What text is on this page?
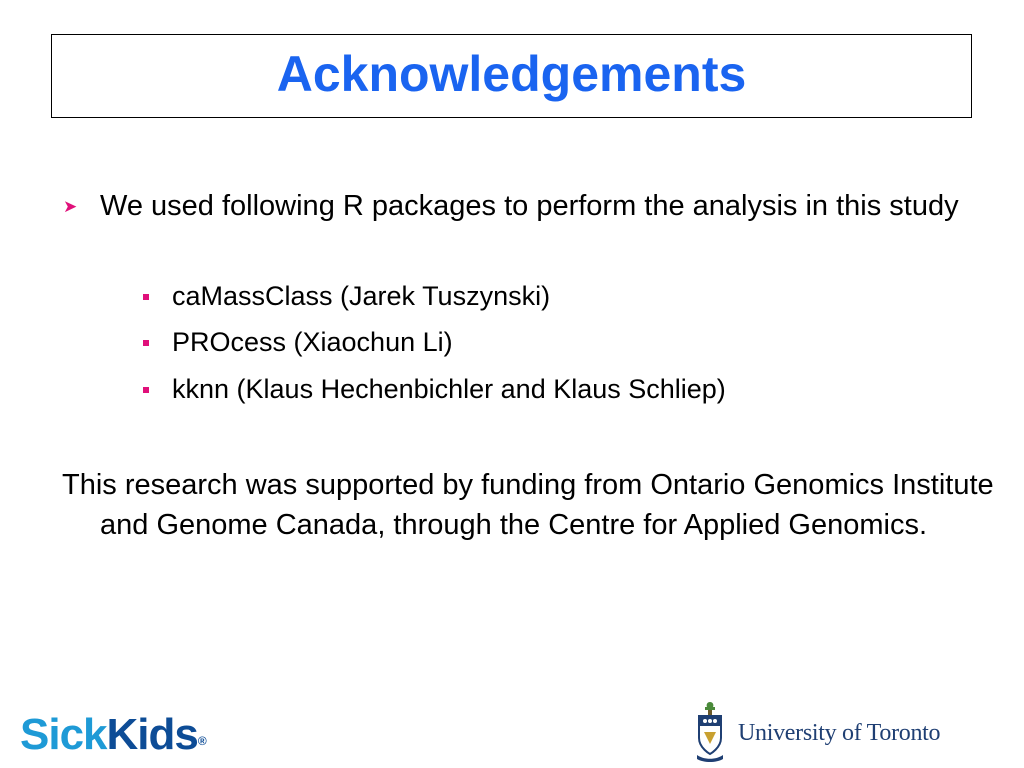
Acknowledgements
➤ We used following R packages to perform the analysis in this study
caMassClass (Jarek Tuszynski)
PROcess (Xiaochun Li)
kknn (Klaus Hechenbichler and Klaus Schliep)
This research was supported by funding from Ontario Genomics Institute and Genome Canada, through the Centre for Applied Genomics.
SickKids®	University of Toronto
